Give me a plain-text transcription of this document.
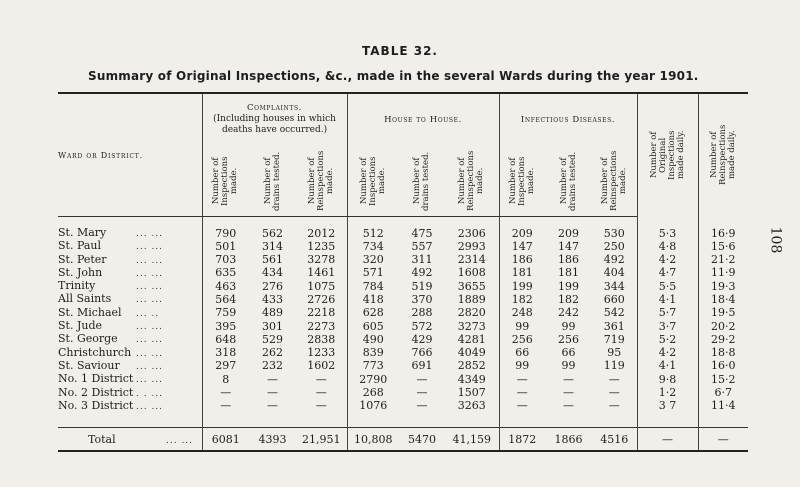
TABLE 32.
Summary of Original Inspections, &c., made in the several Wards during the year 1901.
108
Ward or District.	Complaints.
(Including houses in which deaths have occurred.)			House to House.			Infectious Diseases.			Number of Original Inspections made daily.	Number of Reinspections made daily.

	Number of Inspections made.	Number of drains tested.	Number of Reinspections made.	Number of Inspections made.	Number of drains tested.	Number of Reinspections made.	Number of Inspections made.	Number of drains tested.	Number of Reinspections made.		

St. Mary ... ...	790	562	2012	512	475	2306	209	209	530	5·3	16·9
St. Paul ... ...	501	314	1235	734	557	2993	147	147	250	4·8	15·6
St. Peter ... ...	703	561	3278	320	311	2314	186	186	492	4·2	21·2
St. John ... ...	635	434	1461	571	492	1608	181	181	404	4·7	11·9
Trinity ... ...	463	276	1075	784	519	3655	199	199	344	5·5	19·3
All Saints ... ...	564	433	2726	418	370	1889	182	182	660	4·1	18·4
St. Michael ... ..	759	489	2218	628	288	2820	248	242	542	5·7	19·5
St. Jude ... ...	395	301	2273	605	572	3273	99	99	361	3·7	20·2
St. George ... ...	648	529	2838	490	429	4281	256	256	719	5·2	29·2
Christchurch ... ...	318	262	1233	839	766	4049	66	66	95	4·2	18·8
St. Saviour ... ...	297	232	1602	773	691	2852	99	99	119	4·1	16·0
No. 1 District ... ...	8	—	—	2790	—	4349	—	—	—	9·8	15·2
No. 2 District . . ...	—	—	—	268	—	1507	—	—	—	1·2	6·7
No. 3 District ... ...	—	—	—	1076	—	3263	—	—	—	3 7	11·4

Total ... ...	6081	4393	21,951	10,808	5470	41,159	1872	1866	4516	—	—
